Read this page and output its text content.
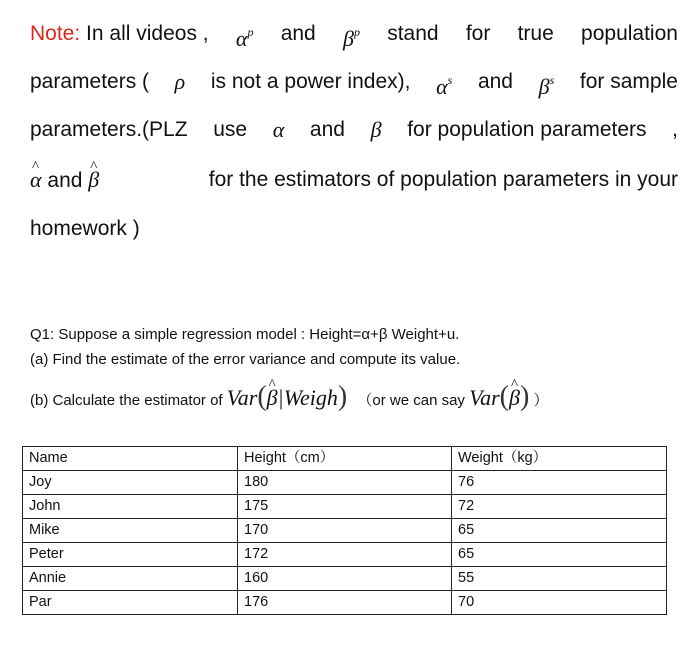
Note: In all videos , $\alpha^p$ and $\beta^p$ stand for true population
parameters ( ρ is not a power index), $\alpha^s$ and $\beta^s$ for sample
parameters.(PLZ use α and β for population parameters ,
^ α and ^ β	for the estimators of population parameters in your
homework )
Q1: Suppose a simple regression model : Height=α+β Weight+u.
(a) Find the estimate of the error variance and compute its value.
(b) Calculate the estimator of Var(^ β|Weigh) （or we can say Var(^ β) ）
Name	Height（cm）	Weight（kg）
Joy	180	76
John	175	72
Mike	170	65
Peter	172	65
Annie	160	55
Par	176	70
